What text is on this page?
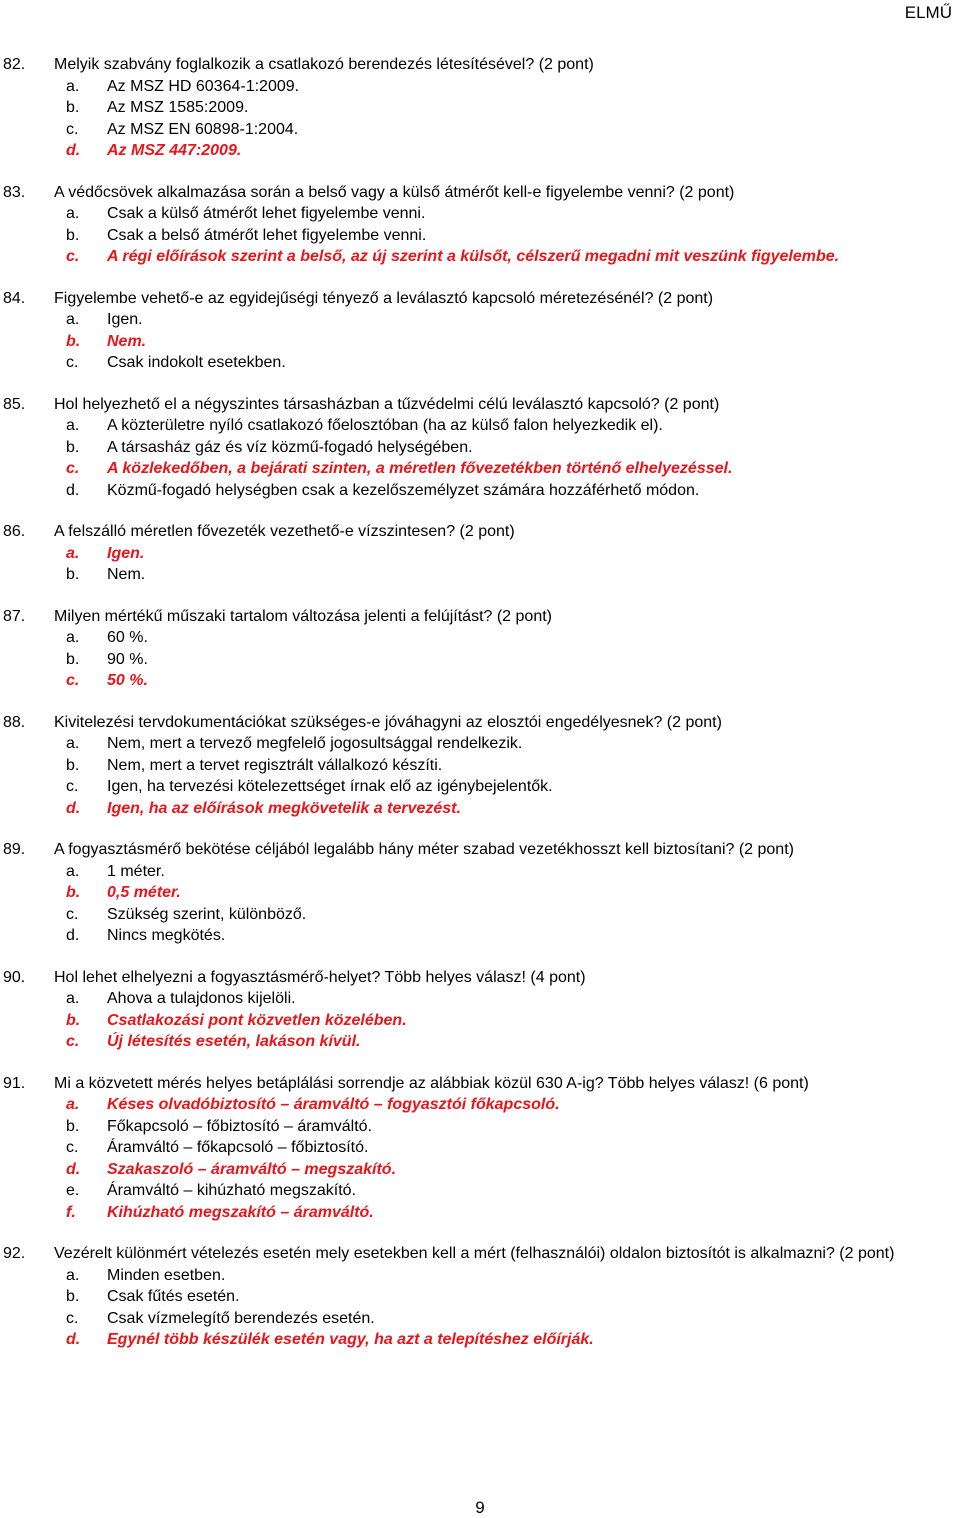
ELMŰ
82. Melyik szabvány foglalkozik a csatlakozó berendezés létesítésével? (2 pont)
a. Az MSZ HD 60364-1:2009.
b. Az MSZ 1585:2009.
c. Az MSZ EN 60898-1:2004.
d. Az MSZ 447:2009.
83. A védőcsövek alkalmazása során a belső vagy a külső átmérőt kell-e figyelembe venni? (2 pont)
a. Csak a külső átmérőt lehet figyelembe venni.
b. Csak a belső átmérőt lehet figyelembe venni.
c. A régi előírások szerint a belső, az új szerint a külsőt, célszerű megadni mit veszünk figyelembe.
84. Figyelembe vehető-e az egyidejűségi tényező a leválasztó kapcsoló méretezésénél? (2 pont)
a. Igen.
b. Nem.
c. Csak indokolt esetekben.
85. Hol helyezhető el a négyszintes társasházban a tűzvédelmi célú leválasztó kapcsoló? (2 pont)
a. A közterületre nyíló csatlakozó főelosztóban (ha az külső falon helyezkedik el).
b. A társasház gáz és víz közmű-fogadó helységében.
c. A közlekedőben, a bejárati szinten, a méretlen fővezetékben történő elhelyezéssel.
d. Közmű-fogadó helységben csak a kezelőszemélyzet számára hozzáférhető módon.
86. A felszálló méretlen fővezeték vezethető-e vízszintesen? (2 pont)
a. Igen.
b. Nem.
87. Milyen mértékű műszaki tartalom változása jelenti a felújítást? (2 pont)
a. 60 %.
b. 90 %.
c. 50 %.
88. Kivitelezési tervdokumentációkat szükséges-e jóváhagyni az elosztói engedélyesnek? (2 pont)
a. Nem, mert a tervező megfelelő jogosultsággal rendelkezik.
b. Nem, mert a tervet regisztrált vállalkozó készíti.
c. Igen, ha tervezési kötelezettséget írnak elő az igénybejelentők.
d. Igen, ha az előírások megkövetelik a tervezést.
89. A fogyasztásmérő bekötése céljából legalább hány méter szabad vezetékhosszt kell biztosítani? (2 pont)
a. 1 méter.
b. 0,5 méter.
c. Szükség szerint, különböző.
d. Nincs megkötés.
90. Hol lehet elhelyezni a fogyasztásmérő-helyet? Több helyes válasz! (4 pont)
a. Ahova a tulajdonos kijelöli.
b. Csatlakozási pont közvetlen közelében.
c. Új létesítés esetén, lakáson kívül.
91. Mi a közvetett mérés helyes betáplálási sorrendje az alábbiak közül 630 A-ig? Több helyes válasz! (6 pont)
a. Késes olvadóbiztosító – áramváltó – fogyasztói főkapcsoló.
b. Főkapcsoló – főbiztosító – áramváltó.
c. Áramváltó – főkapcsoló – főbiztosító.
d. Szakaszoló – áramváltó – megszakító.
e. Áramváltó – kihúzható megszakító.
f. Kihúzható megszakító – áramváltó.
92. Vezérelt különmért vételezés esetén mely esetekben kell a mért (felhasználói) oldalon biztosítót is alkalmazni? (2 pont)
a. Minden esetben.
b. Csak fűtés esetén.
c. Csak vízmelegítő berendezés esetén.
d. Egynél több készülék esetén vagy, ha azt a telepítéshez előírják.
9
